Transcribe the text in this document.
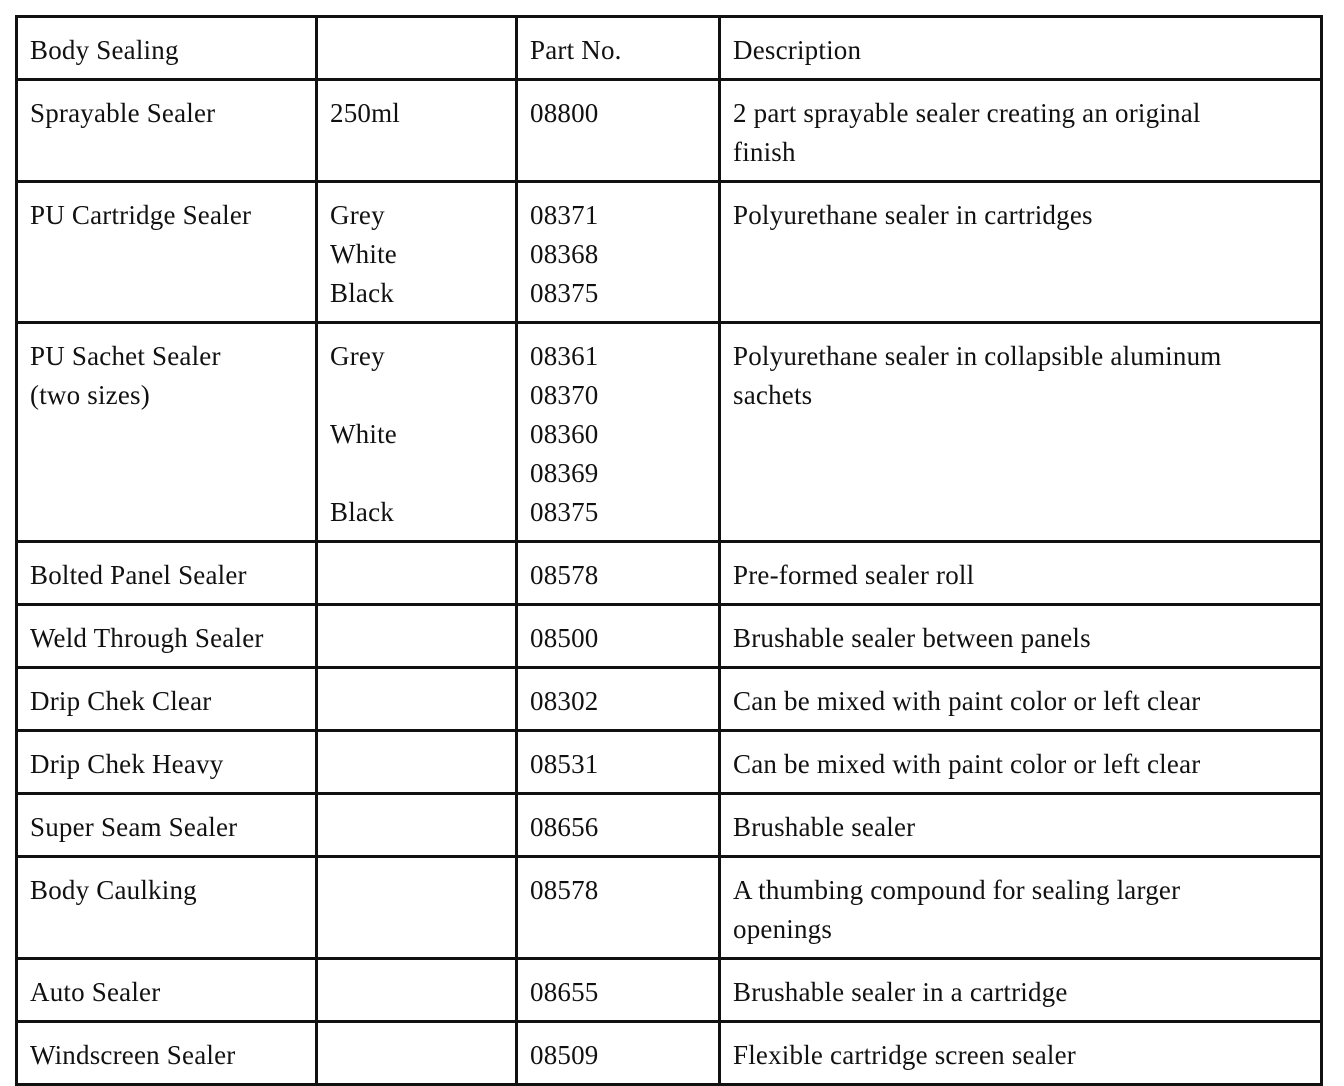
Body Sealing		Part No.	Description

Sprayable Sealer	250ml	08800	2 part sprayable sealer creating an original
finish

PU Cartridge Sealer	Grey
White
Black	08371
08368
08375	Polyurethane sealer in cartridges

PU Sachet Sealer
(two sizes)	Grey
White
Black	08361
08370
08360
08369
08375	Polyurethane sealer in collapsible aluminum
sachets

Bolted Panel Sealer		08578	Pre-formed sealer roll

Weld Through Sealer		08500	Brushable sealer between panels

Drip Chek Clear		08302	Can be mixed with paint color or left clear

Drip Chek Heavy		08531	Can be mixed with paint color or left clear

Super Seam Sealer		08656	Brushable sealer

Body Caulking		08578	A thumbing compound for sealing larger
openings

Auto Sealer		08655	Brushable sealer in a cartridge

Windscreen Sealer		08509	Flexible cartridge screen sealer
